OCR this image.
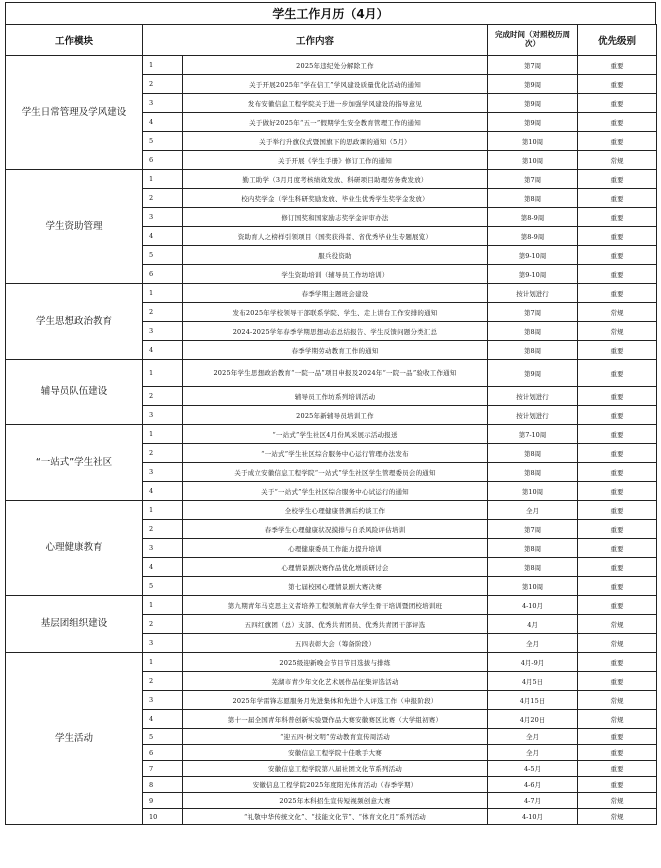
工作模块	工作内容		完成时间（对照校历周次）	优先级别
学生日常管理及学风建设	1	2025年违纪处分解除工作	第7周	重要
	2	关于开展2025年“学在信工”学风建设质量优化活动的通知	第9周	重要
	3	发布安徽信息工程学院关于进一步加强学风建设的指导意见	第9周	重要
	4	关于做好2025年“五一”假期学生安全教育管理工作的通知	第9周	重要
	5	关于举行升旗仪式暨国旗下的思政课的通知（5月）	第10周	重要
	6	关于开展《学生手册》修订工作的通知	第10周	常规
学生资助管理	1	勤工助学（3月月度考核绩效发放、科研项目助理劳务费发放）	第7周	重要
	2	校内奖学金（学生科研奖励发放、毕业生优秀学生奖学金发放）	第8周	重要
	3	修订国奖和国家励志奖学金评审办法	第8-9周	重要
	4	资助育人之榜样引领项目（国奖获得者、省优秀毕业生专题展览）	第8-9周	重要
	5	服兵役资助	第9-10周	重要
	6	学生资助培训（辅导员工作坊培训）	第9-10周	重要
学生思想政治教育	1	春季学期主题班会建设	按计划进行	重要
	2	发布2025年学校领导干部联系学院、学生、走上讲台工作安排的通知	第7周	常规
	3	2024-2025学年春季学期思想动态总结报告、学生反馈问题分类汇总	第8周	常规
	4	春季学期劳动教育工作的通知	第8周	重要
辅导员队伍建设	1	2025年学生思想政治教育“一院一品”项目申报及2024年“一院一品”验收工作通知	第9周	重要
	2	辅导员工作坊系列培训活动	按计划进行	重要
	3	2025年新辅导员培训工作	按计划进行	重要
“一站式”学生社区	1	“一站式”学生社区4月份风采展示活动报送	第7-10周	重要
	2	“一站式”学生社区综合服务中心运行管理办法发布	第8周	重要
	3	关于成立安徽信息工程学院“一站式”学生社区学生管理委员会的通知	第8周	重要
	4	关于“一站式”学生社区综合服务中心试运行的通知	第10周	重要
心理健康教育	1	全校学生心理健康普测后约谈工作	全月	重要
	2	春季学生心理健康状况摸排与自杀风险评估培训	第7周	重要
	3	心理健康委员工作能力提升培训	第8周	重要
	4	心理情景剧决赛作品优化增质研讨会	第8周	重要
	5	第七届校园心理情景剧大赛决赛	第10周	重要
基层团组织建设	1	第九期青年马克思主义者培养工程领航青春大学生骨干培训暨团校培训班	4-10月	重要
	2	五四红旗团（总）支部、优秀共青团员、优秀共青团干部评选	4月	常规
	3	五四表彰大会（筹备阶段）	全月	常规
学生活动	1	2025级迎新晚会节目节目选拔与排练	4月-9月	重要
	2	芜湖市青少年文化艺术展作品征集评选活动	4月5日	重要
	3	2025年学雷锋志愿服务月先进集体和先进个人评选工作（申报阶段）	4月15日	常规
	4	第十一届全国青年科普创新实验暨作品大赛安徽赛区比赛（大学组初赛）	4月20日	常规
	5	“迎五四·树文明”劳动教育宣传周活动	全月	重要
	6	安徽信息工程学院十佳歌手大赛	全月	重要
	7	安徽信息工程学院第八届社团文化节系列活动	4-5月	重要
	8	安徽信息工程学院2025年度阳光体育活动（春季学期）	4-6月	重要
	9	2025年本科招生宣传短视频创意大赛	4-7月	常规
	10	“礼敬中华传统文化”、“技能文化节”、“体育文化月”系列活动	4-10月	常规
学生工作月历（4月）
